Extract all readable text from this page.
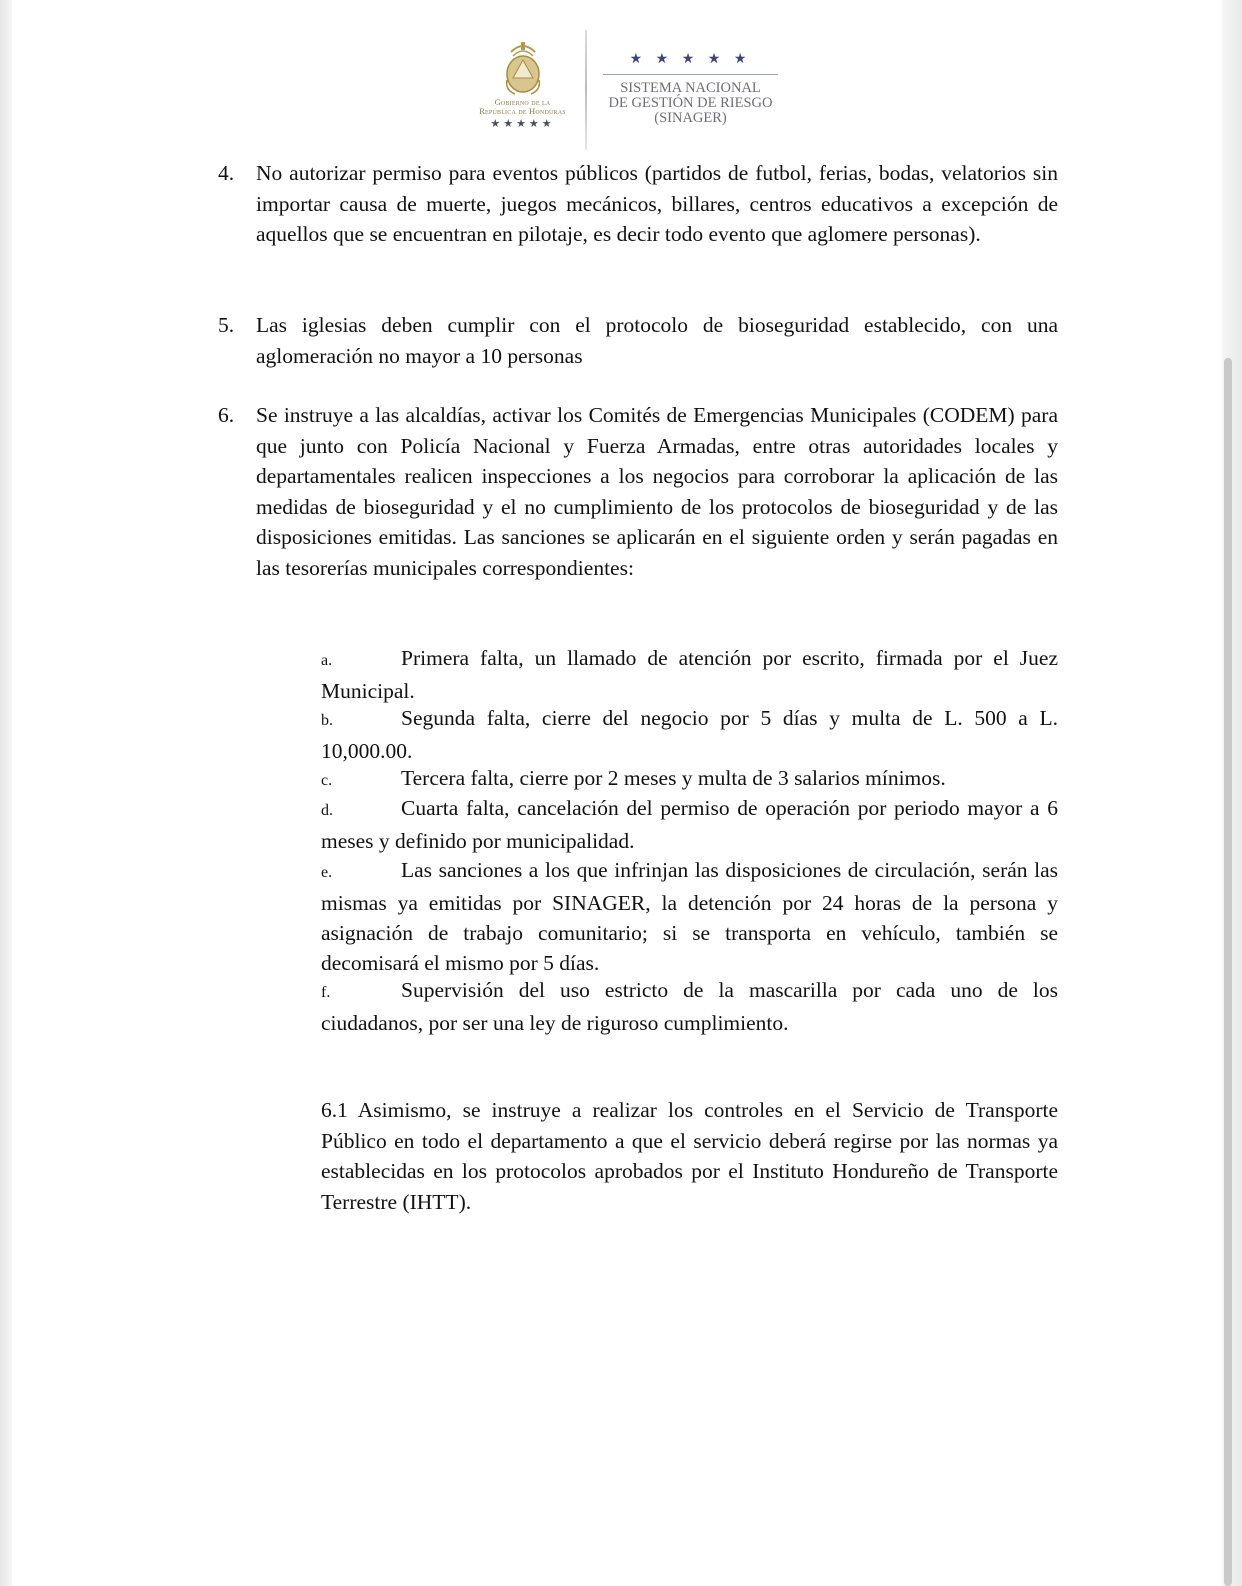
Gobierno de la
República de Honduras
★★★★★
★ ★ ★ ★ ★
SISTEMA NACIONAL
DE GESTIÓN DE RIESGO
(SINAGER)
4.	No autorizar permiso para eventos públicos (partidos de futbol, ferias, bodas, velatorios sin importar causa de muerte, juegos mecánicos, billares, centros educativos a excepción de aquellos que se encuentran en pilotaje, es decir todo evento que aglomere personas).
5.	Las iglesias deben cumplir con el protocolo de bioseguridad establecido, con una aglomeración no mayor a 10 personas
6.	Se instruye a las alcaldías, activar los Comités de Emergencias Municipales (CODEM) para que junto con Policía Nacional y Fuerza Armadas, entre otras autoridades locales y departamentales realicen inspecciones a los negocios para corroborar la aplicación de las medidas de bioseguridad y el no cumplimiento de los protocolos de bioseguridad y de las disposiciones emitidas. Las sanciones se aplicarán en el siguiente orden y serán pagadas en las tesorerías municipales correspondientes:
a.	Primera falta, un llamado de atención por escrito, firmada por el Juez Municipal.
b.	Segunda falta, cierre del negocio por 5 días y multa de L. 500 a L. 10,000.00.
c.	Tercera falta, cierre por 2 meses y multa de 3 salarios mínimos.
d.	Cuarta falta, cancelación del permiso de operación por periodo mayor a 6 meses y definido por municipalidad.
e.	Las sanciones a los que infrinjan las disposiciones de circulación, serán las mismas ya emitidas por SINAGER, la detención por 24 horas de la persona y asignación de trabajo comunitario; si se transporta en vehículo, también se decomisará el mismo por 5 días.
f.	Supervisión del uso estricto de la mascarilla por cada uno de los ciudadanos, por ser una ley de riguroso cumplimiento.
6.1 Asimismo, se instruye a realizar los controles en el Servicio de Transporte Público en todo el departamento a que el servicio deberá regirse por las normas ya establecidas en los protocolos aprobados por el Instituto Hondureño de Transporte Terrestre (IHTT).
